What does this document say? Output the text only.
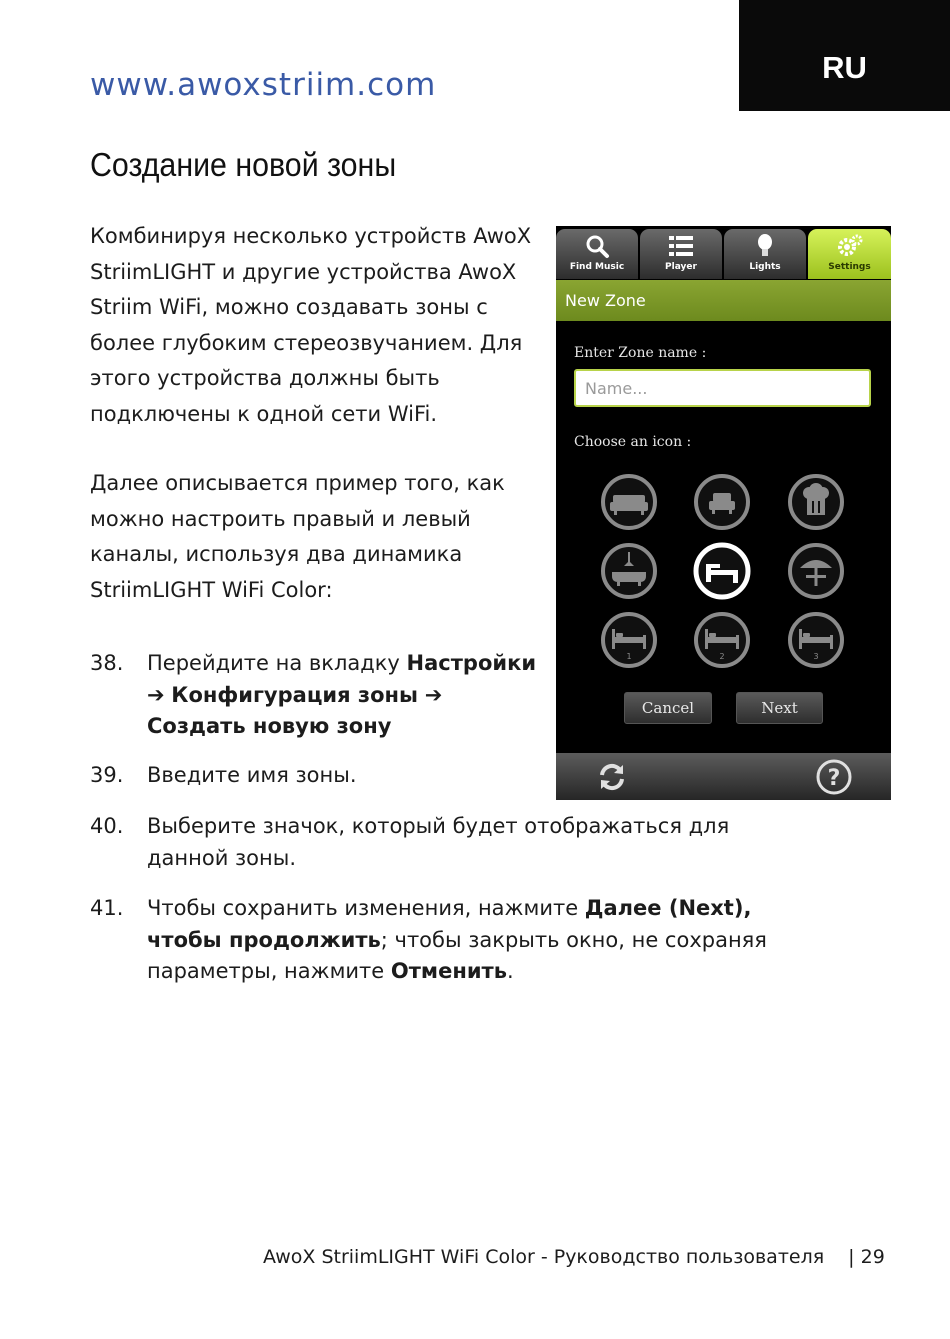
RU
www.awoxstriim.com
Создание новой зоны

Комбинируя несколько устройств AwoX StriimLIGHT и другие устройства AwoX Striim WiFi, можно создавать зоны с более глубоким стереозвучанием. Для этого устройства должны быть подключены к одной сети WiFi.

Далее описывается пример того, как можно настроить правый и левый каналы, используя два динамика StriimLIGHT WiFi Color:

38.	Перейдите на вкладку Настройки
➔ Конфигурация зоны ➔
Создать новую зону
39.	Введите имя зоны.
40.	Выберите значок, который будет отображаться для данной зоны.
41.	Чтобы сохранить изменения, нажмите Далее (Next), чтобы продолжить; чтобы закрыть окно, не сохраняя параметры, нажмите Отменить.
Find Music	Player	Lights	Settings
New Zone
Enter Zone name :
Name...
Choose an icon :
1	2	3
Cancel	Next
?
AwoX StriimLIGHT WiFi Color - Руководство пользователя | 29
